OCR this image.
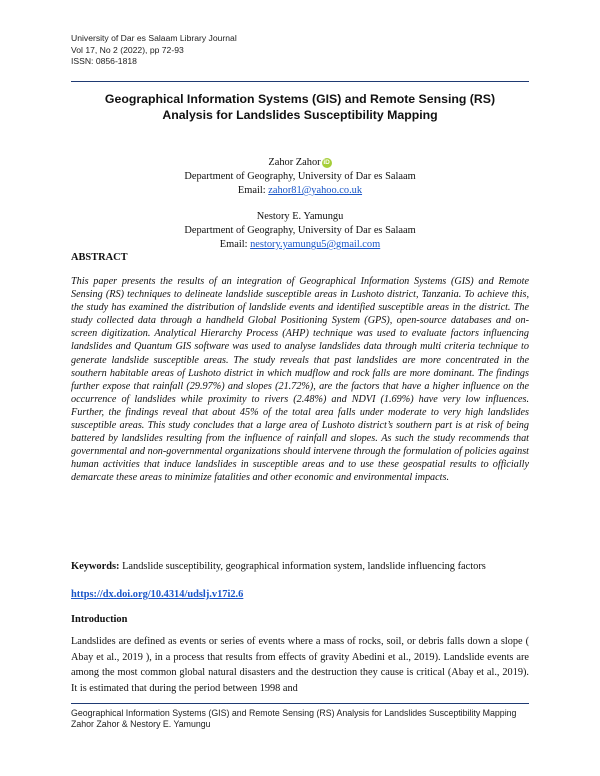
University of Dar es Salaam Library Journal
Vol 17, No 2 (2022), pp 72-93
ISSN: 0856-1818
Geographical Information Systems (GIS) and Remote Sensing (RS)
Analysis for Landslides Susceptibility Mapping
Zahor Zahor iD
Department of Geography, University of Dar es Salaam
Email: zahor81@yahoo.co.uk
Nestory E. Yamungu
Department of Geography, University of Dar es Salaam
Email: nestory.yamungu5@gmail.com
ABSTRACT

This paper presents the results of an integration of Geographical Information Systems (GIS) and Remote Sensing (RS) techniques to delineate landslide susceptible areas in Lushoto district, Tanzania. To achieve this, the study has examined the distribution of landslide events and identified susceptible areas in the district. The study collected data through a handheld Global Positioning System (GPS), open-source databases and on-screen digitization. Analytical Hierarchy Process (AHP) technique was used to evaluate factors influencing landslides and Quantum GIS software was used to analyse landslides data through multi criteria technique to generate landslide susceptible areas. The study reveals that past landslides are more concentrated in the southern habitable areas of Lushoto district in which mudflow and rock falls are more dominant. The findings further expose that rainfall (29.97%) and slopes (21.72%), are the factors that have a higher influence on the occurrence of landslides while proximity to rivers (2.48%) and NDVI (1.69%) have very low influences. Further, the findings reveal that about 45% of the total area falls under moderate to very high landslides susceptible areas. This study concludes that a large area of Lushoto district’s southern part is at risk of being battered by landslides resulting from the influence of rainfall and slopes. As such the study recommends that governmental and non-governmental organizations should intervene through the formulation of policies against human activities that induce landslides in susceptible areas and to use these geospatial results to officially demarcate these areas to minimize fatalities and other economic and environmental impacts.

Keywords: Landslide susceptibility, geographical information system, landslide influencing factors

https://dx.doi.org/10.4314/udslj.v17i2.6
Introduction

Landslides are defined as events or series of events where a mass of rocks, soil, or debris falls down a slope ( Abay et al., 2019 ), in a process that results from effects of gravity Abedini et al., 2019). Landslide events are among the most common global natural disasters and the destruction they cause is critical (Abay et al., 2019). It is estimated that during the period between 1998 and

Geographical Information Systems (GIS) and Remote Sensing (RS) Analysis for Landslides Susceptibility Mapping
Zahor Zahor & Nestory E. Yamungu
